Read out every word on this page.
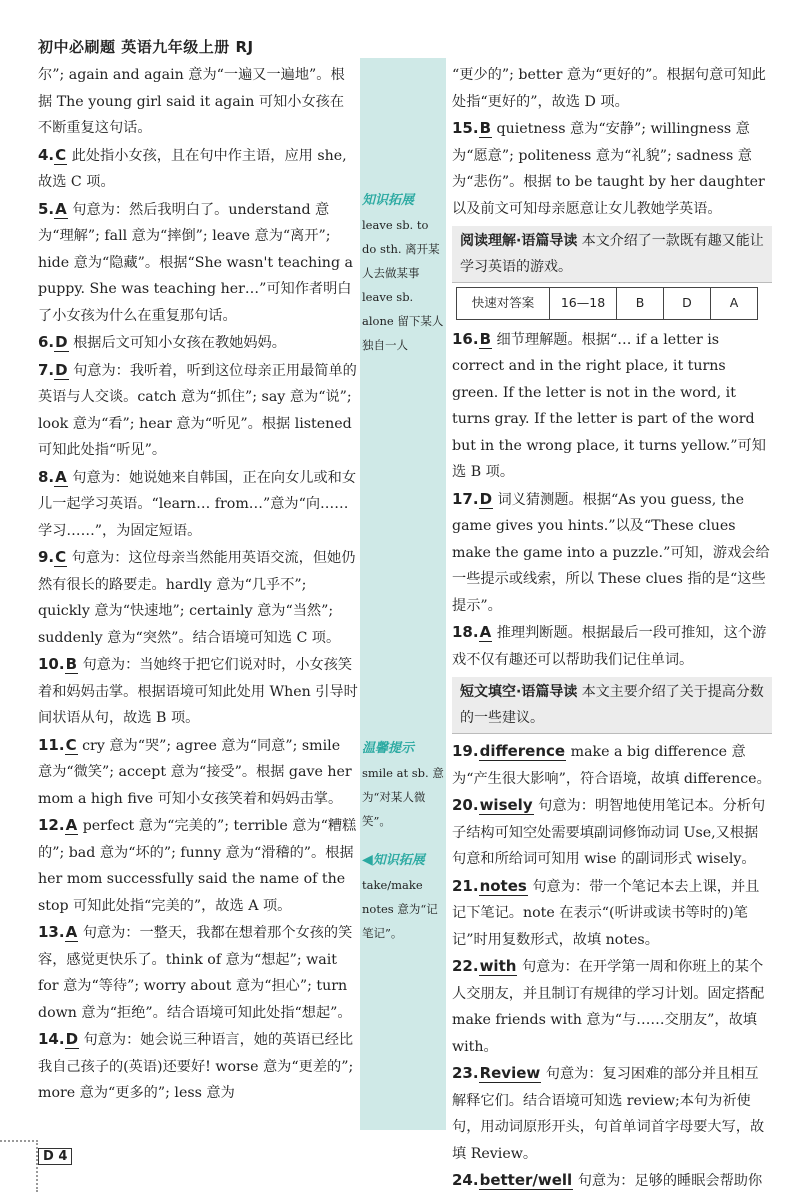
初中必刷题 英语九年级上册 RJ

尔”; again and again 意为“一遍又一遍地”。根据 The young girl said it again 可知小女孩在不断重复这句话。

4.C 此处指小女孩，且在句中作主语，应用 she,故选 C 项。

5.A 句意为：然后我明白了。understand 意为“理解”; fall 意为“摔倒”; leave 意为“离开”; hide 意为“隐藏”。根据“She wasn't teaching a puppy. She was teaching her…”可知作者明白了小女孩为什么在重复那句话。

6.D 根据后文可知小女孩在教她妈妈。

7.D 句意为：我听着，听到这位母亲正用最简单的英语与人交谈。catch 意为“抓住”; say 意为“说”; look 意为“看”; hear 意为“听见”。根据 listened 可知此处指“听见”。

8.A 句意为：她说她来自韩国，正在向女儿或和女儿一起学习英语。“learn… from…”意为“向……学习……”，为固定短语。

9.C 句意为：这位母亲当然能用英语交流，但她仍然有很长的路要走。hardly 意为“几乎不”; quickly 意为“快速地”; certainly 意为“当然”; suddenly 意为“突然”。结合语境可知选 C 项。

10.B 句意为：当她终于把它们说对时，小女孩笑着和妈妈击掌。根据语境可知此处用 When 引导时间状语从句，故选 B 项。

11.C cry 意为“哭”; agree 意为“同意”; smile 意为“微笑”; accept 意为“接受”。根据 gave her mom a high five 可知小女孩笑着和妈妈击掌。

12.A perfect 意为“完美的”; terrible 意为“糟糕的”; bad 意为“坏的”; funny 意为“滑稽的”。根据 her mom successfully said the name of the stop 可知此处指“完美的”，故选 A 项。

13.A 句意为：一整天，我都在想着那个女孩的笑容，感觉更快乐了。think of 意为“想起”; wait for 意为“等待”; worry about 意为“担心”; turn down 意为“拒绝”。结合语境可知此处指“想起”。

14.D 句意为：她会说三种语言，她的英语已经比我自己孩子的(英语)还要好! worse 意为“更差的”; more 意为“更多的”; less 意为

知识拓展
leave sb. to do sth. 离开某人去做某事 leave sb. alone 留下某人独自一人
温馨提示
smile at sb. 意为“对某人微笑”。
◀知识拓展
take/make notes 意为“记笔记”。

“更少的”; better 意为“更好的”。根据句意可知此处指“更好的”，故选 D 项。

15.B quietness 意为“安静”; willingness 意为“愿意”; politeness 意为“礼貌”; sadness 意为“悲伤”。根据 to be taught by her daughter 以及前文可知母亲愿意让女儿教她学英语。

阅读理解·语篇导读 本文介绍了一款既有趣又能让学习英语的游戏。
快速对答案	16—18	B	D	A

16.B 细节理解题。根据“… if a letter is correct and in the right place, it turns green. If the letter is not in the word, it turns gray. If the letter is part of the word but in the wrong place, it turns yellow.”可知选 B 项。

17.D 词义猜测题。根据“As you guess, the game gives you hints.”以及“These clues make the game into a puzzle.”可知，游戏会给一些提示或线索，所以 These clues 指的是“这些提示”。

18.A 推理判断题。根据最后一段可推知，这个游戏不仅有趣还可以帮助我们记住单词。

短文填空·语篇导读 本文主要介绍了关于提高分数的一些建议。

19.difference make a big difference 意为“产生很大影响”，符合语境，故填 difference。

20.wisely 句意为：明智地使用笔记本。分析句子结构可知空处需要填副词修饰动词 Use,又根据句意和所给词可知用 wise 的副词形式 wisely。

21.notes 句意为：带一个笔记本去上课，并且记下笔记。note 在表示“(听讲或读书等时的)笔记”时用复数形式，故填 notes。

22.with 句意为：在开学第一周和你班上的某个人交朋友，并且制订有规律的学习计划。固定搭配 make friends with 意为“与……交朋友”，故填 with。

23.Review 句意为：复习困难的部分并且相互解释它们。结合语境可知选 review;本句为祈使句，用动词原形开头，句首单词首字母要大写，故填 Review。

24.better/well 句意为：足够的睡眠会帮助你

D 4
